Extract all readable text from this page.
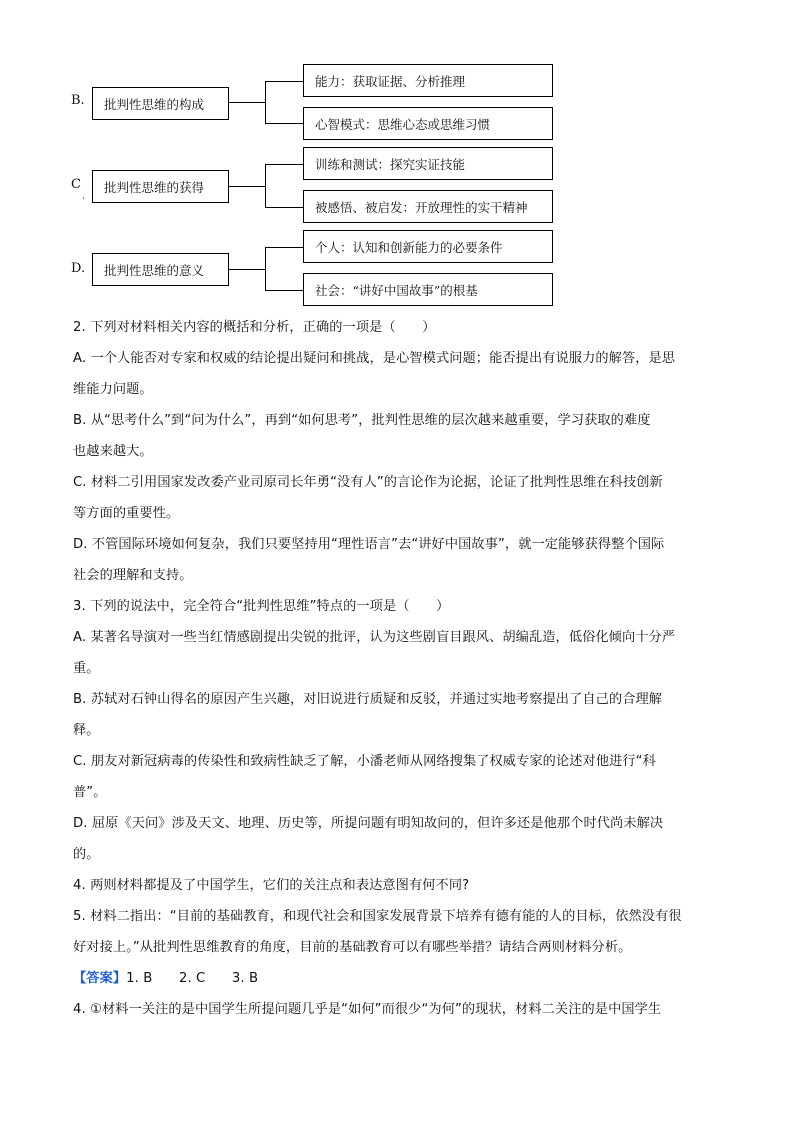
B.	批判性思维的构成
能力：获取证据、分析推理
心智模式：思维心态或思维习惯
C
·
批判性思维的获得
训练和测试：探究实证技能
被感悟、被启发：开放理性的实干精神
D.	批判性思维的意义
个人：认知和创新能力的必要条件
社会：“讲好中国故事”的根基
2. 下列对材料相关内容的概括和分析，正确的一项是（　　）
A. 一个人能否对专家和权威的结论提出疑问和挑战，是心智模式问题；能否提出有说服力的解答，是思
维能力问题。
B. 从“思考什么”到“问为什么”，再到“如何思考”，批判性思维的层次越来越重要，学习获取的难度
也越来越大。
C. 材料二引用国家发改委产业司原司长年勇“没有人”的言论作为论据，论证了批判性思维在科技创新
等方面的重要性。
D. 不管国际环境如何复杂，我们只要坚持用“理性语言”去“讲好中国故事”，就一定能够获得整个国际
社会的理解和支持。
3. 下列的说法中，完全符合“批判性思维”特点的一项是（　　）
A. 某著名导演对一些当红情感剧提出尖锐的批评，认为这些剧盲目跟风、胡编乱造，低俗化倾向十分严
重。
B. 苏轼对石钟山得名的原因产生兴趣，对旧说进行质疑和反驳，并通过实地考察提出了自己的合理解
释。
C. 朋友对新冠病毒的传染性和致病性缺乏了解，小潘老师从网络搜集了权威专家的论述对他进行“科
普”。
D. 屈原《天问》涉及天文、地理、历史等，所提问题有明知故问的，但许多还是他那个时代尚未解决
的。
4. 两则材料都提及了中国学生，它们的关注点和表达意图有何不同?
5. 材料二指出：“目前的基础教育，和现代社会和国家发展背景下培养有德有能的人的目标，依然没有很
好对接上。”从批判性思维教育的角度，目前的基础教育可以有哪些举措？请结合两则材料分析。
【答案】1. B　　2. C　　3. B
4. ①材料一关注的是中国学生所提问题几乎是“如何”而很少“为何”的现状，材料二关注的是中国学生
